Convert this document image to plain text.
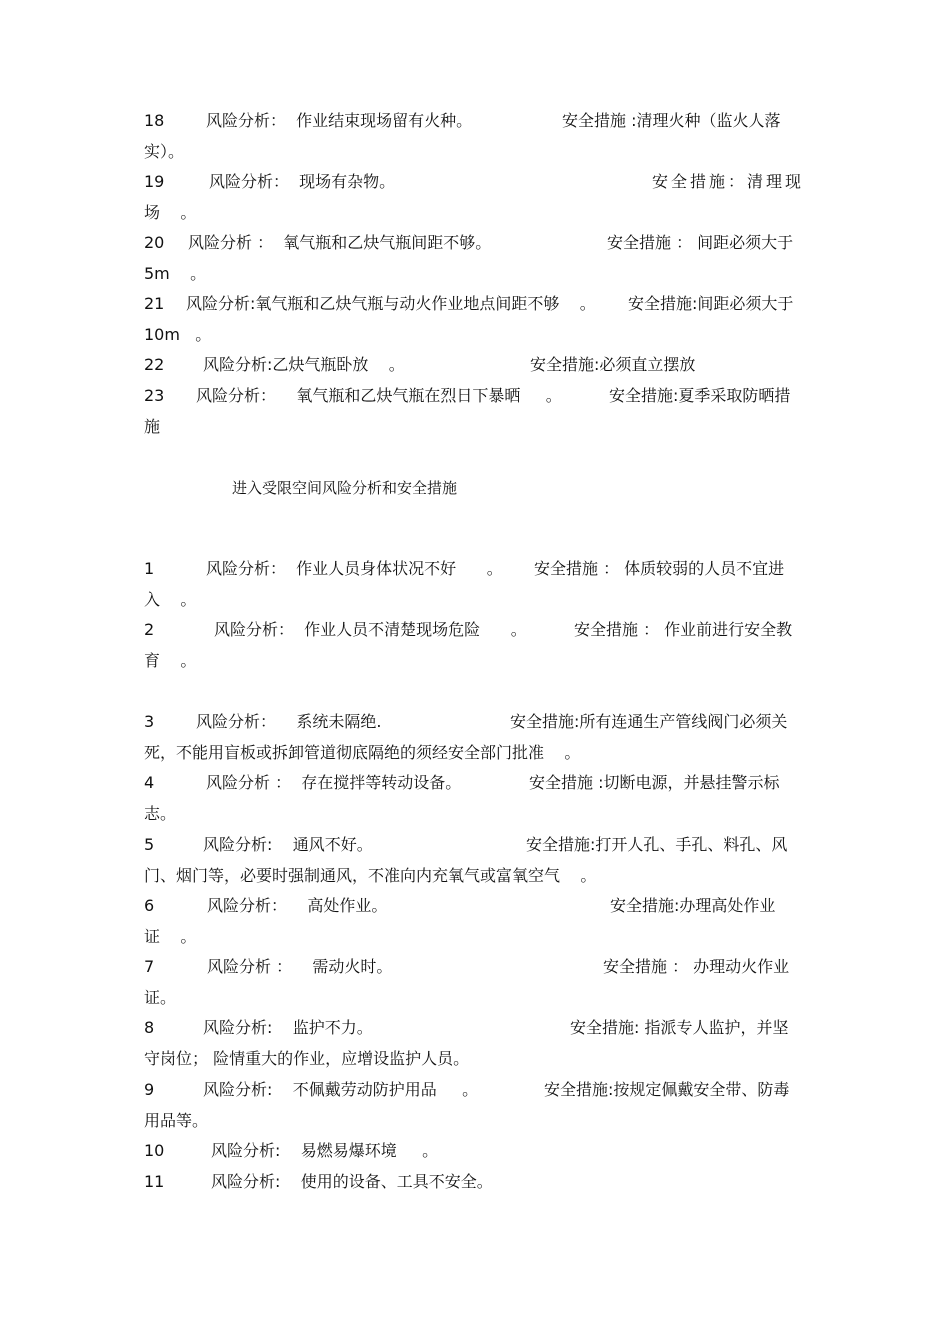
18	风险分析：  作业结束现场留有火种。	安全措施 :清理火种（监火人落
实）。
19	风险分析：  现场有杂物。	安全措施：清理现
场    。
20 风险分析 ：  氧气瓶和乙炔气瓶间距不够。	安全措施 ： 间距必须大于
5m    。
21 风险分析:氧气瓶和乙炔气瓶与动火作业地点间距不够    。 安全措施:间距必须大于
10m   。
22 风险分析:乙炔气瓶卧放    。	安全措施:必须直立摆放
23 风险分析：    氧气瓶和乙炔气瓶在烈日下暴晒     。	安全措施:夏季采取防晒措
施
进入受限空间风险分析和安全措施
1	风险分析：  作业人员身体状况不好      。 安全措施 ： 体质较弱的人员不宜进
入    。
2	风险分析：  作业人员不清楚现场危险      。	安全措施 ： 作业前进行安全教
育    。
3	风险分析：    系统未隔绝.	安全措施:所有连通生产管线阀门必须关
死，不能用盲板或拆卸管道彻底隔绝的须经安全部门批准    。
4	风险分析 ：  存在搅拌等转动设备。	安全措施 :切断电源，并悬挂警示标
志。
5	风险分析:    通风不好。	安全措施:打开人孔、手孔、料孔、风
门、烟门等，必要时强制通风，不准向内充氧气或富氧空气    。
6	风险分析：    高处作业。	安全措施:办理高处作业
证    。
7	风险分析 ：    需动火时。	安全措施 ： 办理动火作业
证。
8	风险分析:    监护不力。	安全措施: 指派专人监护，并坚
守岗位； 险情重大的作业，应增设监护人员。
9	风险分析:    不佩戴劳动防护用品     。	安全措施:按规定佩戴安全带、防毒
用品等。
10	风险分析:    易燃易爆环境     。
11	风险分析:    使用的设备、工具不安全。
